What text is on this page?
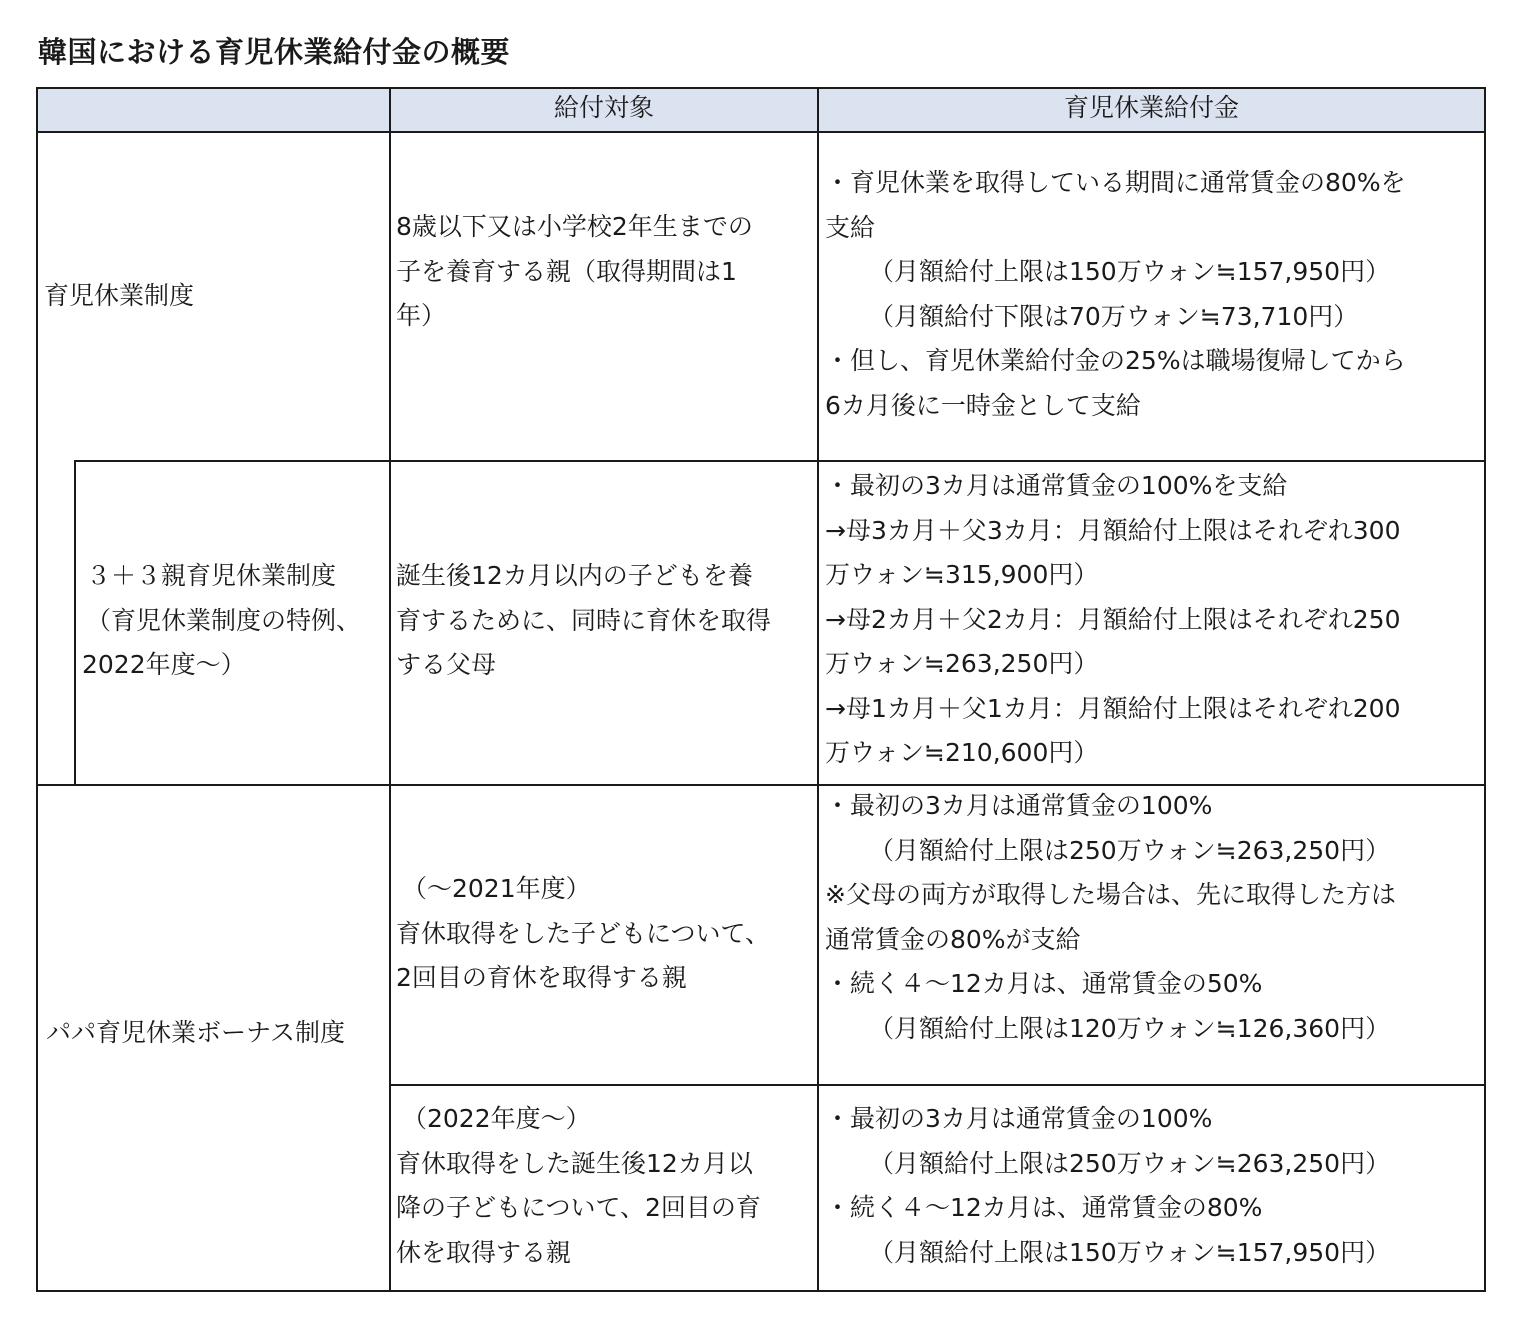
韓国における育児休業給付金の概要
給付対象	育児休業給付金
育児休業制度
8歳以下又は小学校2年生までの
子を養育する親（取得期間は1
年）
・育児休業を取得している期間に通常賃金の80%を
支給
（月額給付上限は150万ウォン≒157,950円）
（月額給付下限は70万ウォン≒73,710円）
・但し、育児休業給付金の25%は職場復帰してから
6カ月後に一時金として支給
３＋３親育児休業制度
（育児休業制度の特例、
2022年度～）
誕生後12カ月以内の子どもを養
育するために、同時に育休を取得
する父母
・最初の3カ月は通常賃金の100%を支給
→母3カ月＋父3カ月：月額給付上限はそれぞれ300
万ウォン≒315,900円）
→母2カ月＋父2カ月：月額給付上限はそれぞれ250
万ウォン≒263,250円）
→母1カ月＋父1カ月：月額給付上限はそれぞれ200
万ウォン≒210,600円）
パパ育児休業ボーナス制度
（～2021年度）
育休取得をした子どもについて、
2回目の育休を取得する親
・最初の3カ月は通常賃金の100%
（月額給付上限は250万ウォン≒263,250円）
※父母の両方が取得した場合は、先に取得した方は
通常賃金の80%が支給
・続く４～12カ月は、通常賃金の50%
（月額給付上限は120万ウォン≒126,360円）
（2022年度～）
育休取得をした誕生後12カ月以
降の子どもについて、2回目の育
休を取得する親
・最初の3カ月は通常賃金の100%
（月額給付上限は250万ウォン≒263,250円）
・続く４～12カ月は、通常賃金の80%
（月額給付上限は150万ウォン≒157,950円）
